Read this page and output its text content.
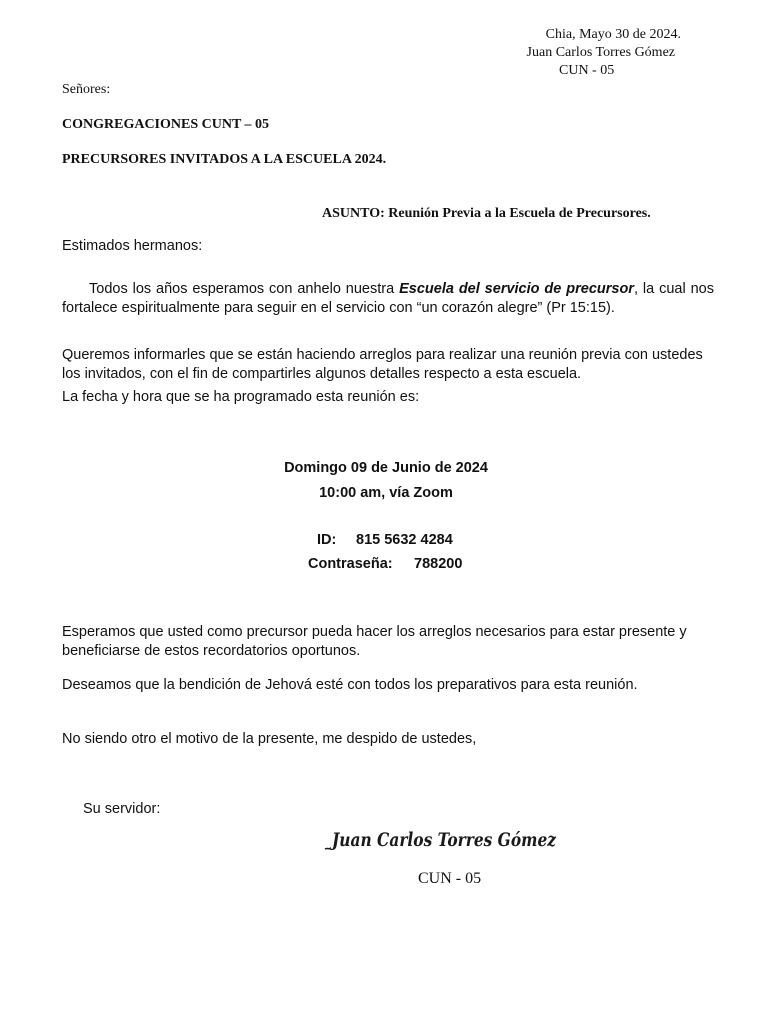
Chia, Mayo 30 de 2024.
Juan Carlos Torres Gómez
CUN - 05
Señores:
CONGREGACIONES CUNT – 05
PRECURSORES INVITADOS A LA ESCUELA 2024.
ASUNTO: Reunión Previa a la Escuela de Precursores.
Estimados hermanos:
Todos los años esperamos con anhelo nuestra Escuela del servicio de precursor, la cual nos fortalece espiritualmente para seguir en el servicio con “un corazón alegre” (Pr 15:15).

Queremos informarles que se están haciendo arreglos para realizar una reunión previa con ustedes los invitados, con el fin de compartirles algunos detalles respecto a esta escuela.

La fecha y hora que se ha programado esta reunión es:
Domingo 09 de Junio de 2024
10:00 am, vía Zoom
ID: 815 5632 4284
Contraseña: 788200

Esperamos que usted como precursor pueda hacer los arreglos necesarios para estar presente y beneficiarse de estos recordatorios oportunos.

Deseamos que la bendición de Jehová esté con todos los preparativos para esta reunión.
No siendo otro el motivo de la presente, me despido de ustedes,
Su servidor:
Juan Carlos Torres Gómez
CUN - 05
